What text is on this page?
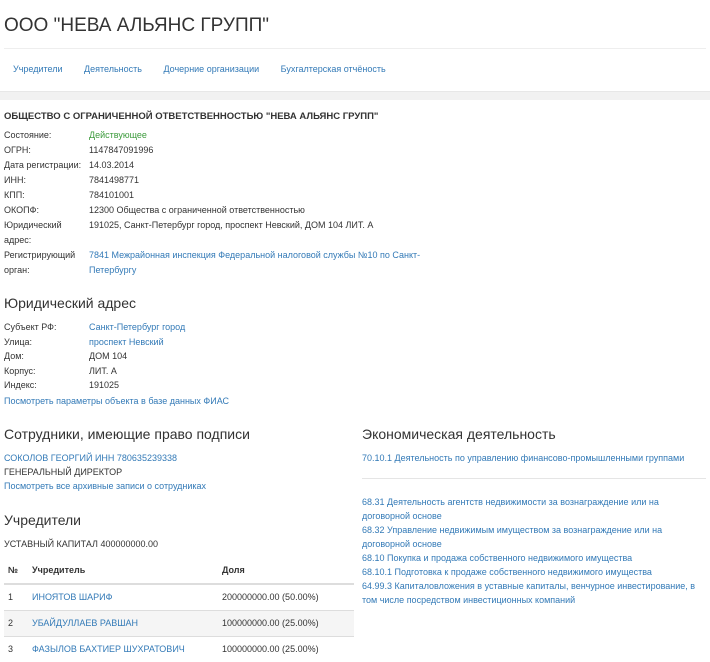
ООО "НЕВА АЛЬЯНС ГРУПП"
Учредители Деятельность Дочерние организации Бухгалтерская отчёность
ОБЩЕСТВО С ОГРАНИЧЕННОЙ ОТВЕТСТВЕННОСТЬЮ "НЕВА АЛЬЯНС ГРУПП"
Состояние:	Действующее
ОГРН:	1147847091996
Дата регистрации: 14.03.2014
ИНН:	7841498771
КПП:	784101001
ОКОПФ:	12300 Общества с ограниченной ответственностью
Юридический адрес:
191025, Санкт-Петербург город, проспект Невский, ДОМ 104 ЛИТ. А
Регистрирующий орган:
7841 Межрайонная инспекция Федеральной налоговой службы №10 по Санкт-Петербургу
Юридический адрес
Субъект РФ:	Санкт-Петербург город
Улица:	проспект Невский
Дом:	ДОМ 104
Корпус:	ЛИТ. А
Индекс:	191025
Посмотреть параметры объекта в базе данных ФИАС
Сотрудники, имеющие право подписи
СОКОЛОВ ГЕОРГИЙ ИНН 780635239338
ГЕНЕРАЛЬНЫЙ ДИРЕКТОР
Посмотреть все архивные записи о сотрудниках
Учредители
УСТАВНЫЙ КАПИТАЛ 400000000.00
№	Учредитель	Доля
1	ИНОЯТОВ ШАРИФ	200000000.00 (50.00%)
2	УБАЙДУЛЛАЕВ РАВШАН	100000000.00 (25.00%)
3	ФАЗЫЛОВ БАХТИЕР ШУХРАТОВИЧ	100000000.00 (25.00%)
Экономическая деятельность
70.10.1 Деятельность по управлению финансово-промышленными группами
68.31 Деятельность агентств недвижимости за вознаграждение или на договорной основе
68.32 Управление недвижимым имуществом за вознаграждение или на договорной основе
68.10 Покупка и продажа собственного недвижимого имущества
68.10.1 Подготовка к продаже собственного недвижимого имущества
64.99.3 Капиталовложения в уставные капиталы, венчурное инвестирование, в том числе посредством инвестиционных компаний
